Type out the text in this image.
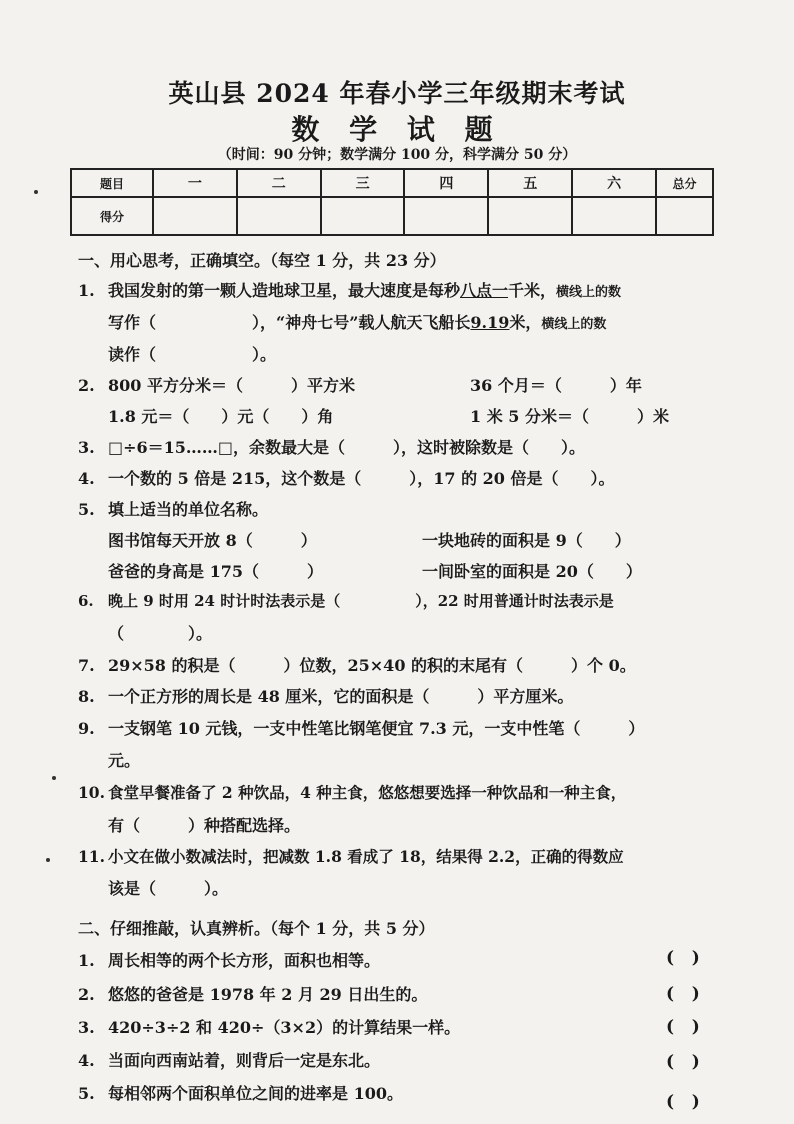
英山县 2024 年春小学三年级期末考试
数 学 试 题
（时间：90 分钟；数学满分 100 分，科学满分 50 分）
题目	一	二	三	四	五	六	总分
得分							
一、用心思考，正确填空。（每空 1 分，共 23 分）
1. 我国发射的第一颗人造地球卫星，最大速度是每秒八点一千米，横线上的数
写作（　　　　　　），“神舟七号”载人航天飞船长9.19米，横线上的数
读作（　　　　　　）。
2. 800 平方分米＝（　　　）平方米	36 个月＝（　　　）年
1.8 元＝（　　）元（　　）角	1 米 5 分米＝（　　　）米
3. □÷6＝15……□，余数最大是（　　　），这时被除数是（　　）。
4. 一个数的 5 倍是 215，这个数是（　　　），17 的 20 倍是（　　）。
5. 填上适当的单位名称。
图书馆每天开放 8（　　　）	一块地砖的面积是 9（　　）
爸爸的身高是 175（　　　）	一间卧室的面积是 20（　　）
6. 晚上 9 时用 24 时计时法表示是（　　　　　），22 时用普通计时法表示是
（　　　　）。
7. 29×58 的积是（　　　）位数，25×40 的积的末尾有（　　　）个 0。
8. 一个正方形的周长是 48 厘米，它的面积是（　　　）平方厘米。
9. 一支钢笔 10 元钱，一支中性笔比钢笔便宜 7.3 元，一支中性笔（　　　）
元。
10. 食堂早餐准备了 2 种饮品，4 种主食，悠悠想要选择一种饮品和一种主食，
有（　　　）种搭配选择。
11. 小文在做小数减法时，把减数 1.8 看成了 18，结果得 2.2，正确的得数应
该是（　　　）。
二、仔细推敲，认真辨析。（每个 1 分，共 5 分）
1. 周长相等的两个长方形，面积也相等。	(   )
2. 悠悠的爸爸是 1978 年 2 月 29 日出生的。	(   )
3. 420÷3÷2 和 420÷（3×2）的计算结果一样。	(   )
4. 当面向西南站着，则背后一定是东北。	(   )
5. 每相邻两个面积单位之间的进率是 100。	(   )
